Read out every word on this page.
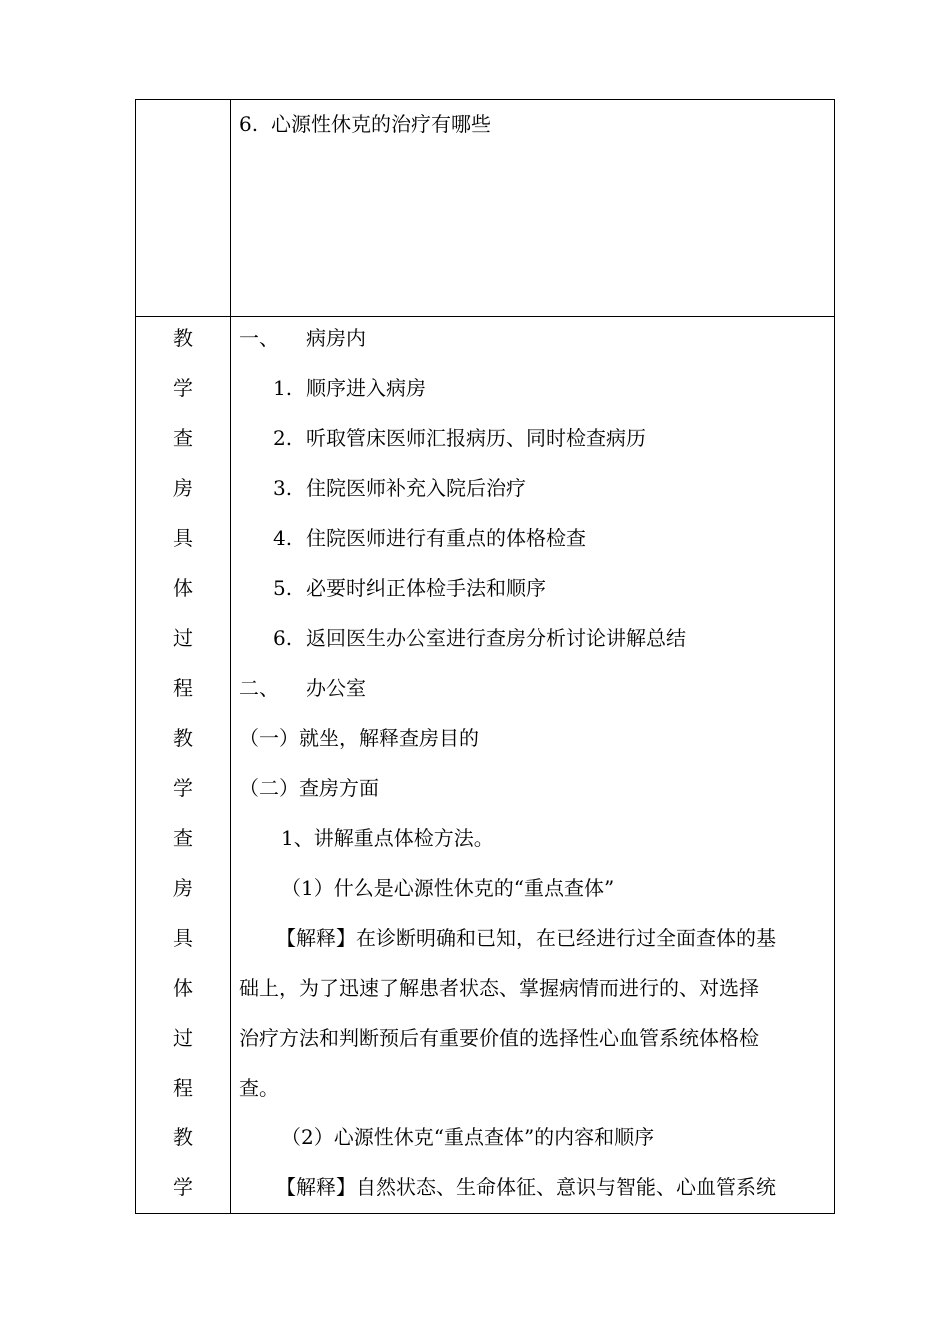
6. 心源性休克的治疗有哪些
教
学
查
房
具
体
过
程
教
学
查
房
具
体
过
程
教
学
一、 病房内
1. 顺序进入病房
2. 听取管床医师汇报病历、同时检查病历
3. 住院医师补充入院后治疗
4. 住院医师进行有重点的体格检查
5. 必要时纠正体检手法和顺序
6. 返回医生办公室进行查房分析讨论讲解总结
二、 办公室
（一）就坐，解释查房目的
（二）查房方面
1、讲解重点体检方法。
（1）什么是心源性休克的“重点查体”
【解释】在诊断明确和已知，在已经进行过全面查体的基
础上，为了迅速了解患者状态、掌握病情而进行的、对选择
治疗方法和判断预后有重要价值的选择性心血管系统体格检
查。
（2）心源性休克“重点查体”的内容和顺序
【解释】自然状态、生命体征、意识与智能、心血管系统
